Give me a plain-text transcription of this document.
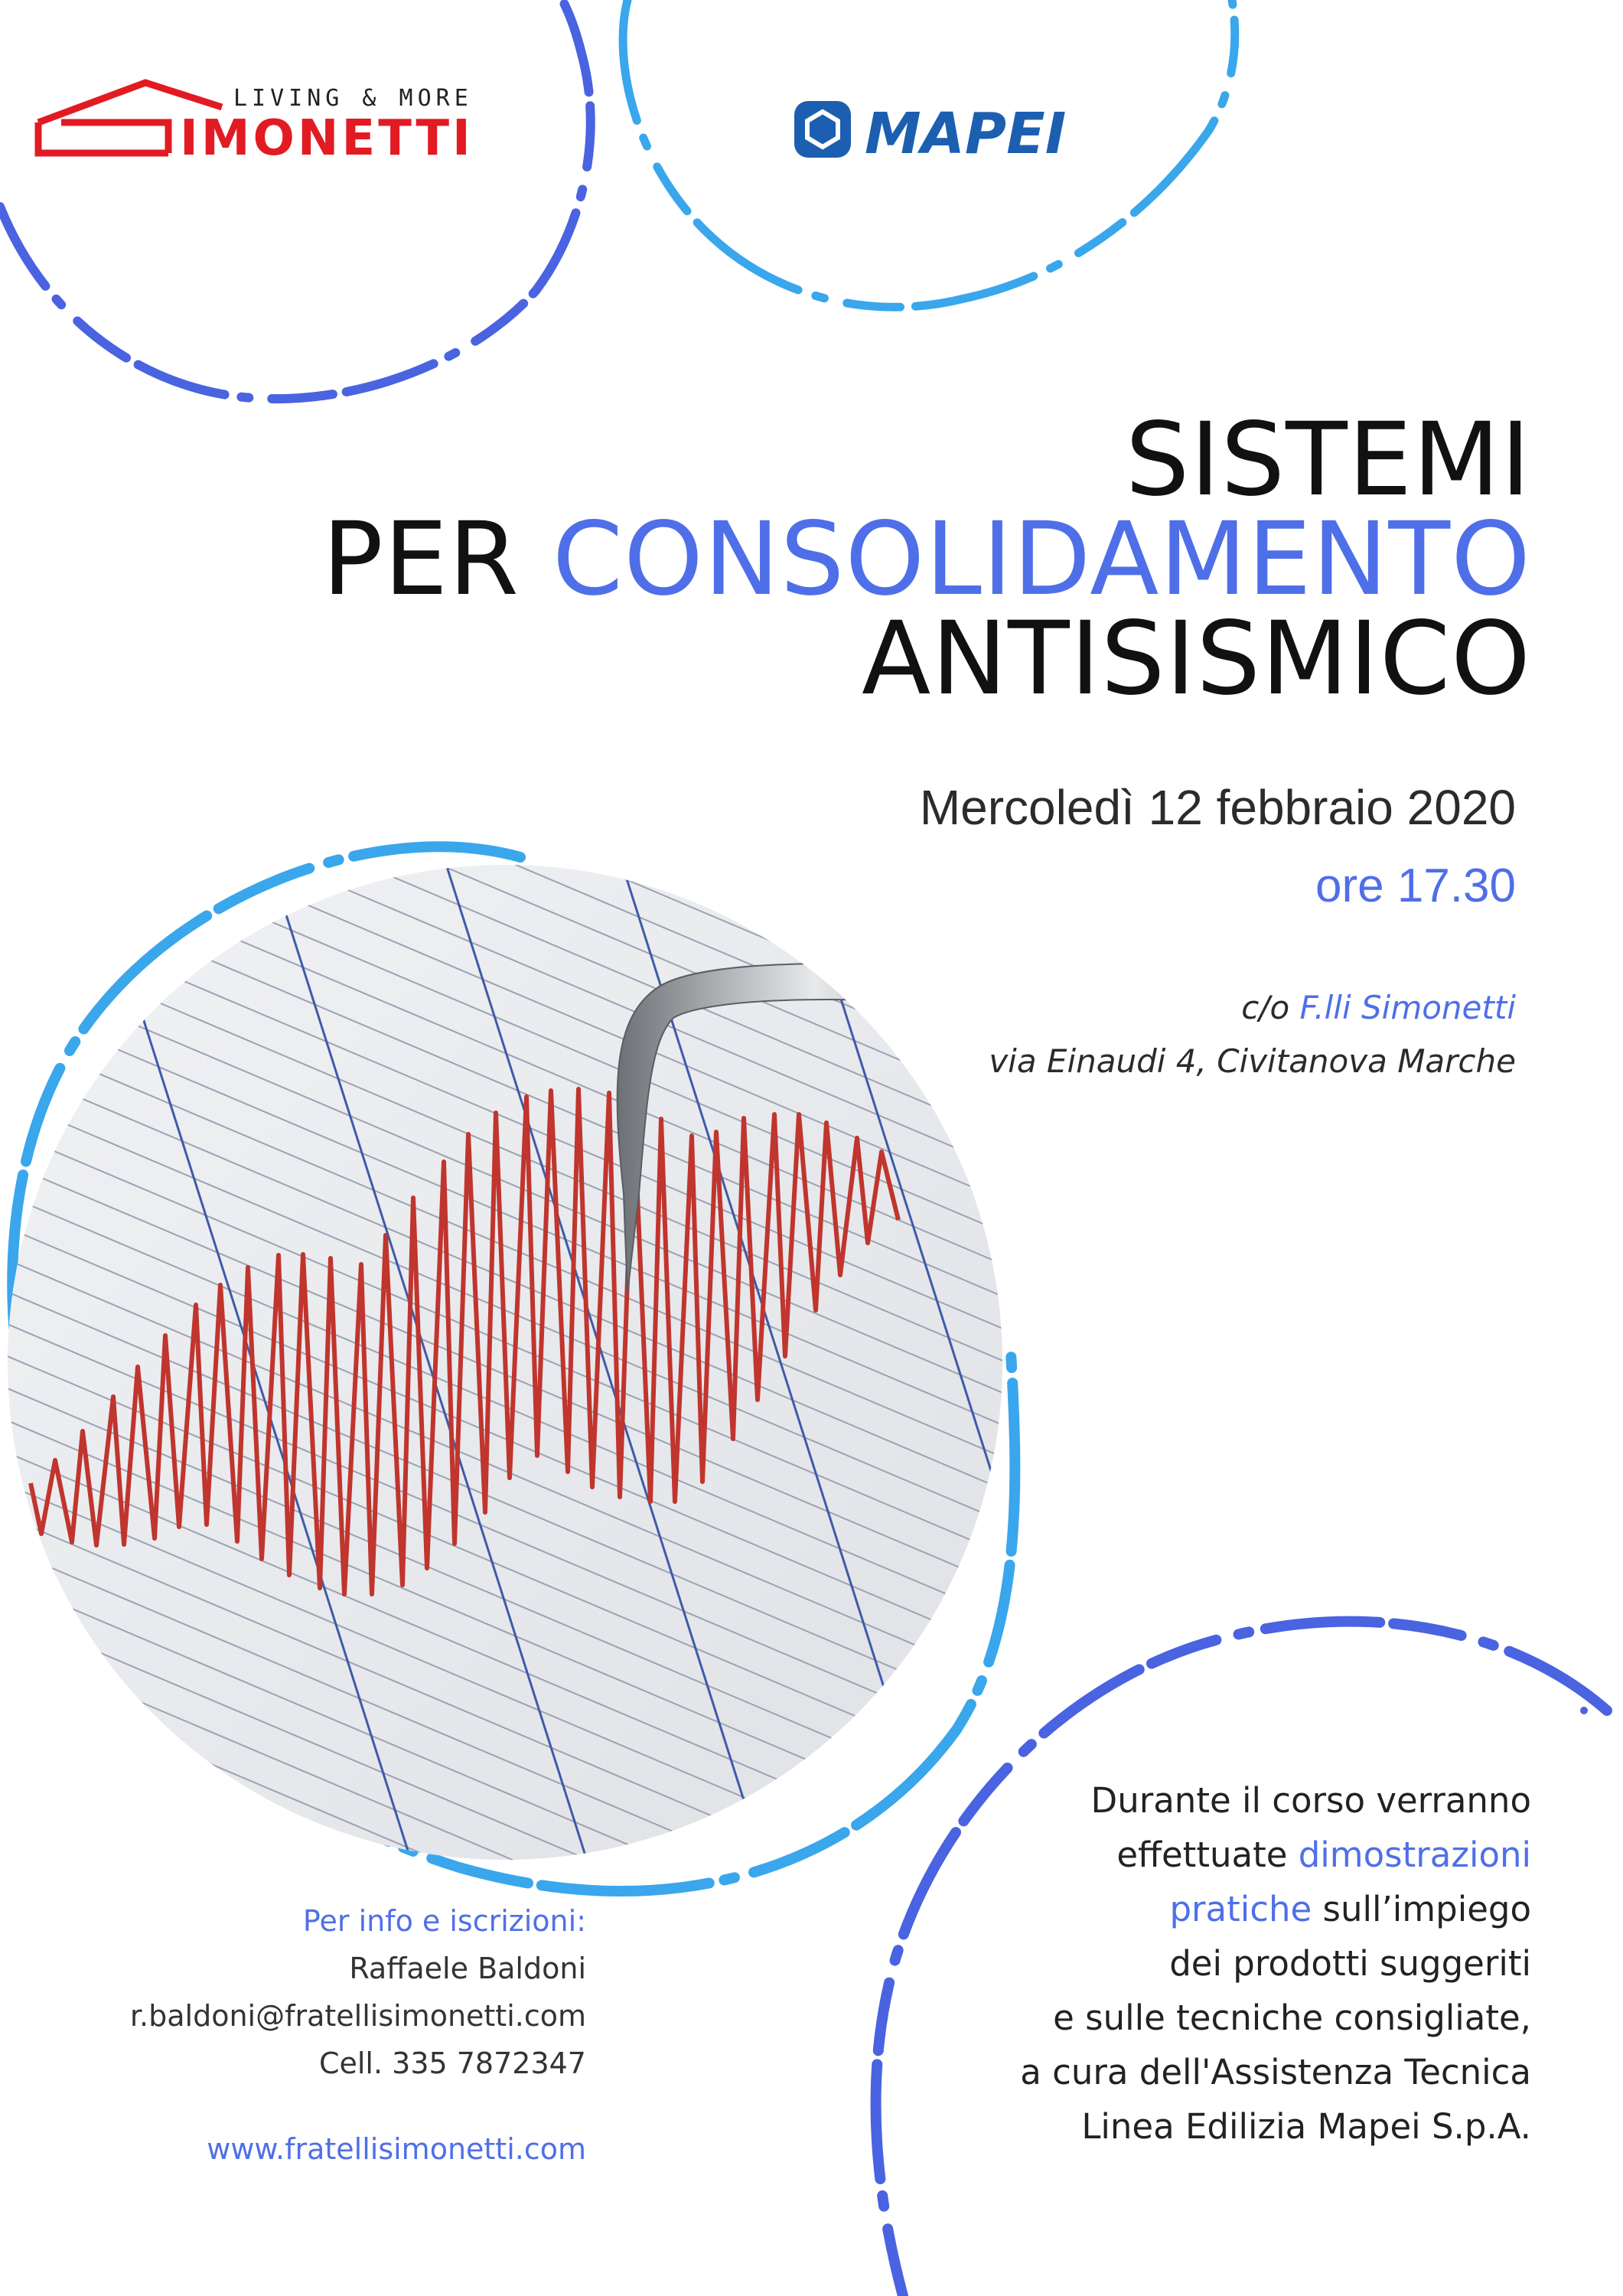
LIVING & MORE
IMONETTI	MAPEI
SISTEMI
PER CONSOLIDAMENTO
ANTISISMICO
Mercoledì 12 febbraio 2020
ore 17.30
c/o F.lli Simonetti
via Einaudi 4, Civitanova Marche
Per info e iscrizioni:
Raffaele Baldoni
r.baldoni@fratellisimonetti.com
Cell. 335 7872347
www.fratellisimonetti.com
Durante il corso verranno
effettuate dimostrazioni
pratiche sull’impiego
dei prodotti suggeriti
e sulle tecniche consigliate,
a cura dell'Assistenza Tecnica
Linea Edilizia Mapei S.p.A.
